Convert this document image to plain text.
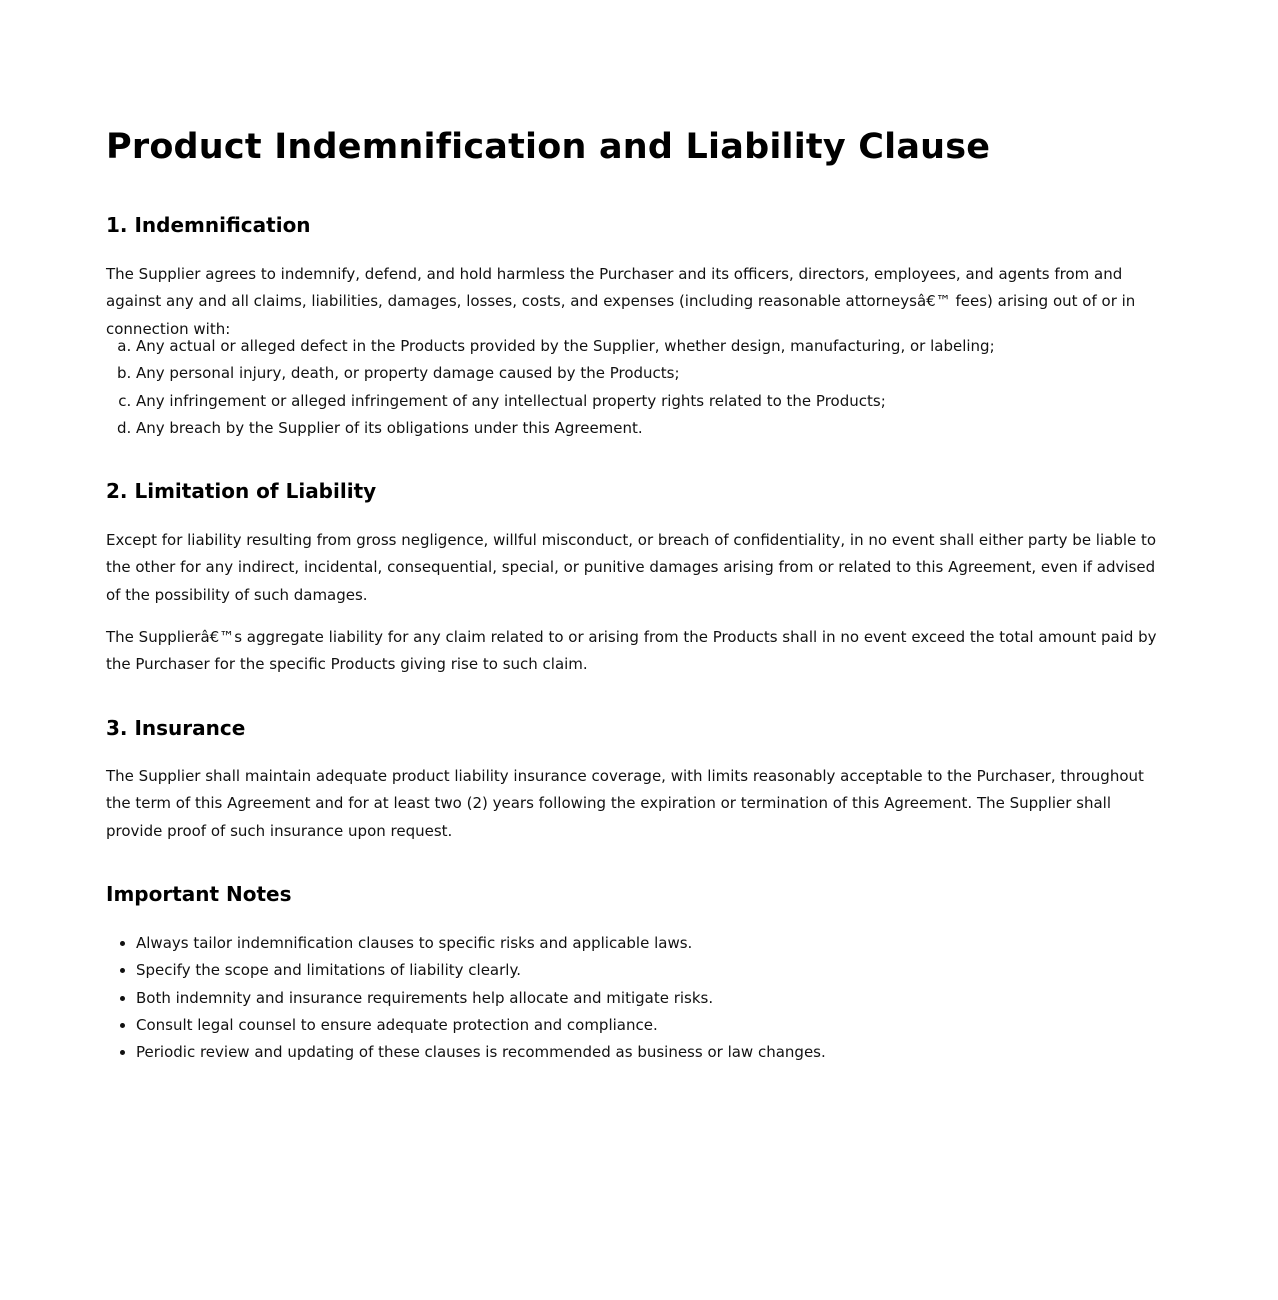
Product Indemnification and Liability Clause
1. Indemnification

The Supplier agrees to indemnify, defend, and hold harmless the Purchaser and its officers, directors, employees, and agents from and against any and all claims, liabilities, damages, losses, costs, and expenses (including reasonable attorneysâ€™ fees) arising out of or in connection with:

a. Any actual or alleged defect in the Products provided by the Supplier, whether design, manufacturing, or labeling;
b. Any personal injury, death, or property damage caused by the Products;
c. Any infringement or alleged infringement of any intellectual property rights related to the Products;
d. Any breach by the Supplier of its obligations under this Agreement.
2. Limitation of Liability

Except for liability resulting from gross negligence, willful misconduct, or breach of confidentiality, in no event shall either party be liable to the other for any indirect, incidental, consequential, special, or punitive damages arising from or related to this Agreement, even if advised of the possibility of such damages.

The Supplierâ€™s aggregate liability for any claim related to or arising from the Products shall in no event exceed the total amount paid by the Purchaser for the specific Products giving rise to such claim.

3. Insurance

The Supplier shall maintain adequate product liability insurance coverage, with limits reasonably acceptable to the Purchaser, throughout the term of this Agreement and for at least two (2) years following the expiration or termination of this Agreement. The Supplier shall provide proof of such insurance upon request.

Important Notes
• Always tailor indemnification clauses to specific risks and applicable laws.
• Specify the scope and limitations of liability clearly.
• Both indemnity and insurance requirements help allocate and mitigate risks.
• Consult legal counsel to ensure adequate protection and compliance.
• Periodic review and updating of these clauses is recommended as business or law changes.
